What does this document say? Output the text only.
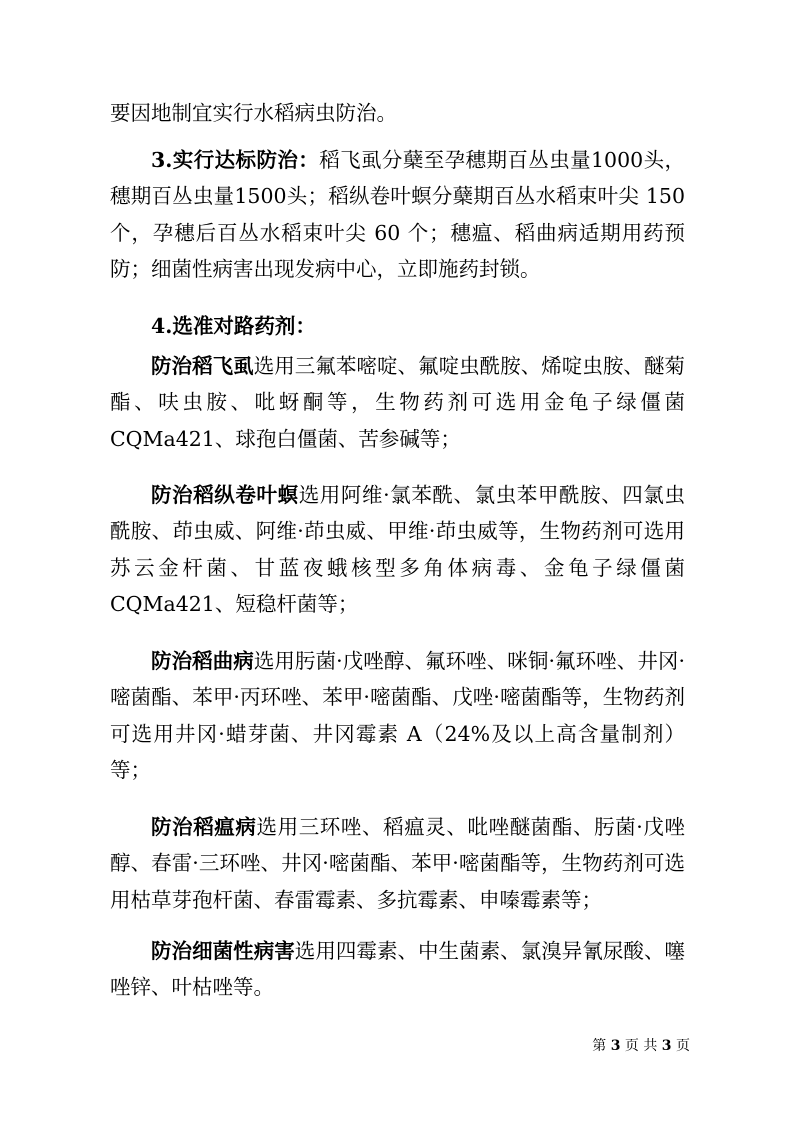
要因地制宜实行水稻病虫防治。

3.实行达标防治：稻飞虱分蘖至孕穗期百丛虫量1000头，穗期百丛虫量1500头；稻纵卷叶螟分蘖期百丛水稻束叶尖 150个，孕穗后百丛水稻束叶尖 60 个；穗瘟、稻曲病适期用药预防；细菌性病害出现发病中心，立即施药封锁。

4.选准对路药剂：

防治稻飞虱选用三氟苯嘧啶、氟啶虫酰胺、烯啶虫胺、醚菊酯、呋虫胺、吡蚜酮等，生物药剂可选用金龟子绿僵菌 CQMa421、球孢白僵菌、苦参碱等；

防治稻纵卷叶螟选用阿维·氯苯酰、氯虫苯甲酰胺、四氯虫酰胺、茚虫威、阿维·茚虫威、甲维·茚虫威等，生物药剂可选用苏云金杆菌、甘蓝夜蛾核型多角体病毒、金龟子绿僵菌 CQMa421、短稳杆菌等；

防治稻曲病选用肟菌·戊唑醇、氟环唑、咪铜·氟环唑、井冈·嘧菌酯、苯甲·丙环唑、苯甲·嘧菌酯、戊唑·嘧菌酯等，生物药剂可选用井冈·蜡芽菌、井冈霉素 A（24%及以上高含量制剂）等；

防治稻瘟病选用三环唑、稻瘟灵、吡唑醚菌酯、肟菌·戊唑醇、春雷·三环唑、井冈·嘧菌酯、苯甲·嘧菌酯等，生物药剂可选用枯草芽孢杆菌、春雷霉素、多抗霉素、申嗪霉素等；

防治细菌性病害选用四霉素、中生菌素、氯溴异氰尿酸、噻唑锌、叶枯唑等。

第 3 页 共 3 页
